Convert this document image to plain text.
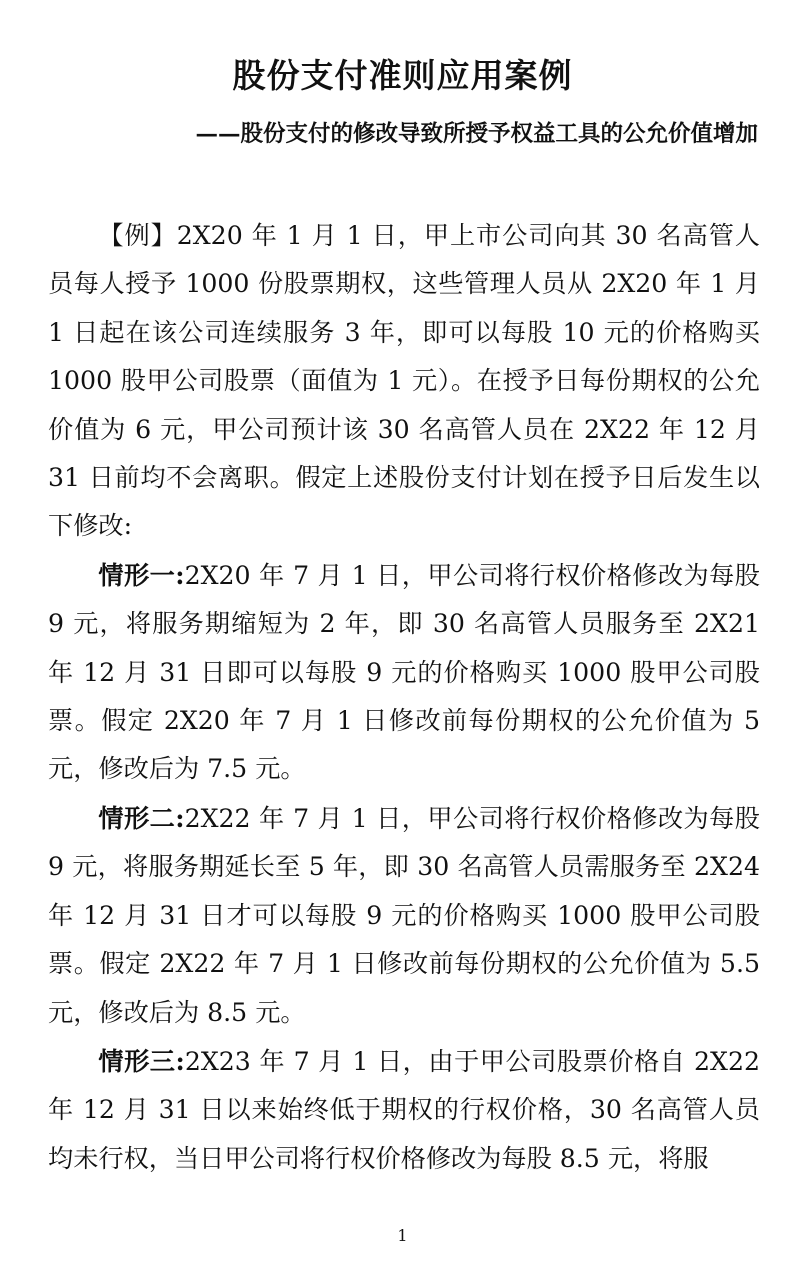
股份支付准则应用案例
——股份支付的修改导致所授予权益工具的公允价值增加

【例】2X20 年 1 月 1 日，甲上市公司向其 30 名高管人员每人授予 1000 份股票期权，这些管理人员从 2X20 年 1 月 1 日起在该公司连续服务 3 年，即可以每股 10 元的价格购买 1000 股甲公司股票（面值为 1 元）。在授予日每份期权的公允价值为 6 元，甲公司预计该 30 名高管人员在 2X22 年 12 月 31 日前均不会离职。假定上述股份支付计划在授予日后发生以下修改:

情形一:2X20 年 7 月 1 日，甲公司将行权价格修改为每股 9 元，将服务期缩短为 2 年，即 30 名高管人员服务至 2X21 年 12 月 31 日即可以每股 9 元的价格购买 1000 股甲公司股票。假定 2X20 年 7 月 1 日修改前每份期权的公允价值为 5 元，修改后为 7.5 元。

情形二:2X22 年 7 月 1 日，甲公司将行权价格修改为每股 9 元，将服务期延长至 5 年，即 30 名高管人员需服务至 2X24 年 12 月 31 日才可以每股 9 元的价格购买 1000 股甲公司股票。假定 2X22 年 7 月 1 日修改前每份期权的公允价值为 5.5 元，修改后为 8.5 元。

情形三:2X23 年 7 月 1 日，由于甲公司股票价格自 2X22 年 12 月 31 日以来始终低于期权的行权价格，30 名高管人员均未行权，当日甲公司将行权价格修改为每股 8.5 元，将服

1
